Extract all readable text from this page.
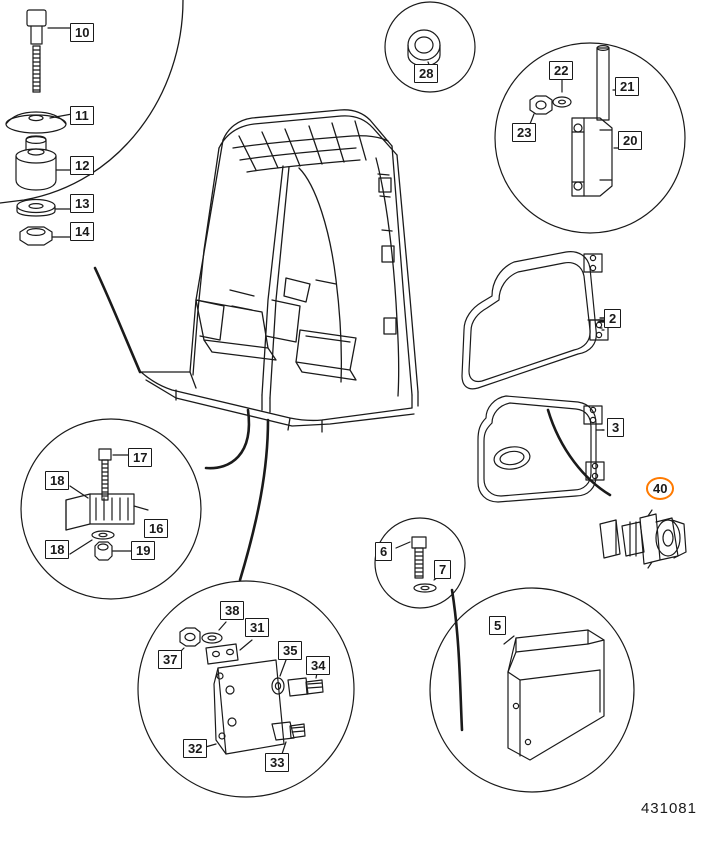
10
11
12
13
14
28	22
21
23
20
2
3
17
18
16
18	19
40
6
7
5
38
31
37
35
34
32
33
431081
